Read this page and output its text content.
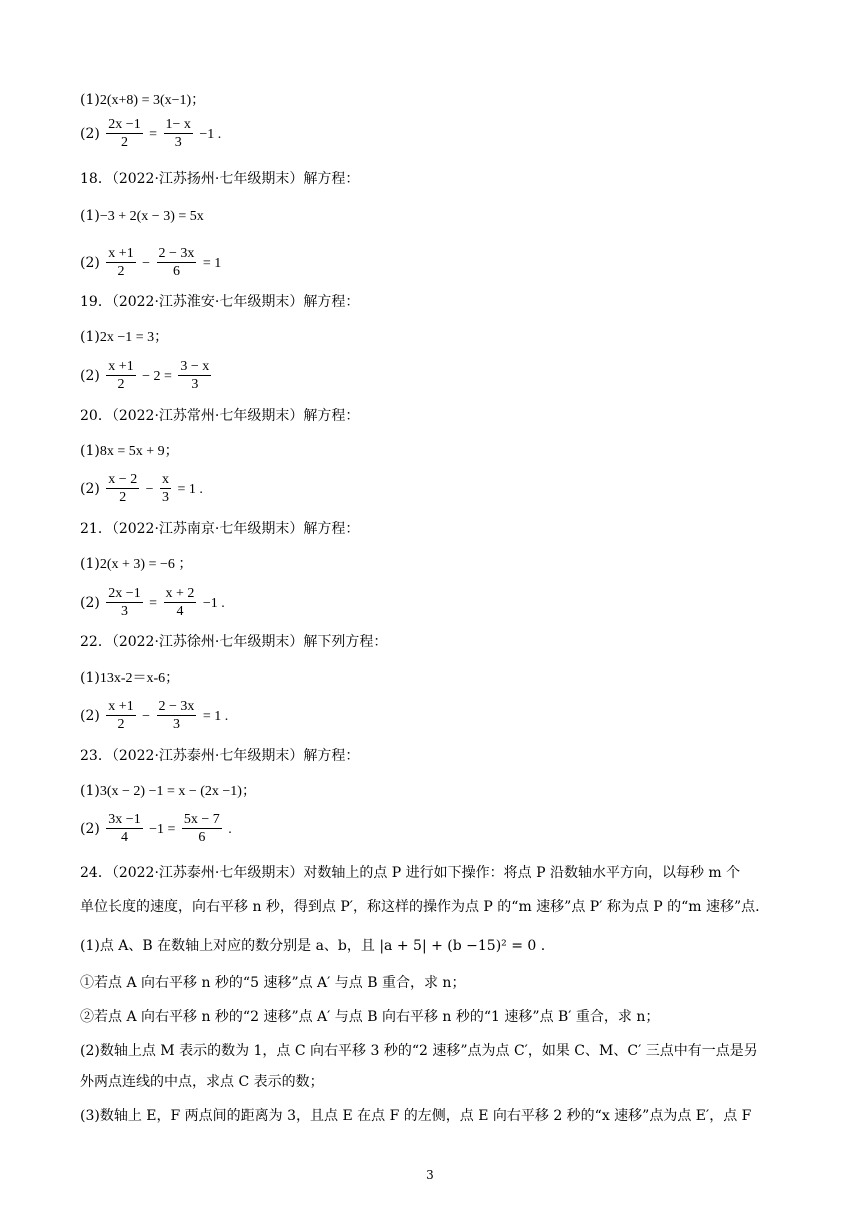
(1)2(x+8) = 3(x−1)；
$(2) \frac{2x -1}{2} = \frac{1- x}{3} -1$ .
18．（2022·江苏扬州·七年级期末）解方程：
(1)−3 + 2(x − 3) = 5x
$(2) \frac{x +1}{2} - \frac{2 - 3x}{6} = 1$
19．（2022·江苏淮安·七年级期末）解方程：
(1)2x −1 = 3；
$(2) \frac{x +1}{2} - 2 = \frac{3 - x}{3}$
20．（2022·江苏常州·七年级期末）解方程：
(1)8x = 5x + 9；
$(2) \frac{x - 2}{2} - \frac{x}{3} = 1$ .
21．（2022·江苏南京·七年级期末）解方程：
(1)2(x + 3) = −6 ；
$(2) \frac{2x -1}{3} = \frac{x + 2}{4} -1$ .
22．（2022·江苏徐州·七年级期末）解下列方程：
(1)13x-2＝x-6；
$(2) \frac{x +1}{2} - \frac{2 - 3x}{3} = 1$ .
23．（2022·江苏泰州·七年级期末）解方程：
(1)3(x − 2) −1 = x − (2x −1)；
$(2) \frac{3x -1}{4} -1 = \frac{5x - 7}{6}$ .
24．（2022·江苏泰州·七年级期末）对数轴上的点 P 进行如下操作：将点 P 沿数轴水平方向，以每秒 m 个
单位长度的速度，向右平移 n 秒，得到点 P′，称这样的操作为点 P 的“m 速移”点 P′ 称为点 P 的“m 速移”点.
(1)点 A、B 在数轴上对应的数分别是 a、b，且 |a + 5| + (b −15)² = 0 .
①若点 A 向右平移 n 秒的“5 速移”点 A′ 与点 B 重合，求 n；
②若点 A 向右平移 n 秒的“2 速移”点 A′ 与点 B 向右平移 n 秒的“1 速移”点 B′ 重合，求 n；
(2)数轴上点 M 表示的数为 1，点 C 向右平移 3 秒的“2 速移”点为点 C′，如果 C、M、C′ 三点中有一点是另
外两点连线的中点，求点 C 表示的数；
(3)数轴上 E，F 两点间的距离为 3，且点 E 在点 F 的左侧，点 E 向右平移 2 秒的“x 速移”点为点 E′，点 F
3
